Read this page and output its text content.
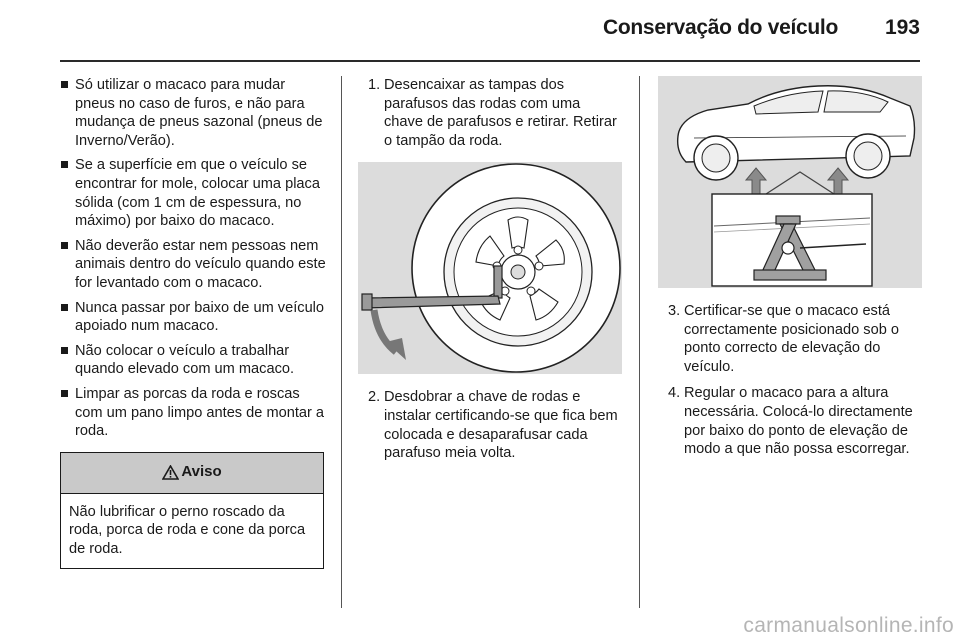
Conservação do veículo 193
Só utilizar o macaco para mudar pneus no caso de furos, e não para mudança de pneus sazonal (pneus de Inverno/Verão).
Se a superfície em que o veículo se encontrar for mole, colocar uma placa sólida (com 1 cm de espessura, no máximo) por baixo do macaco.
Não deverão estar nem pessoas nem animais dentro do veículo quando este for levantado com o macaco.
Nunca passar por baixo de um veículo apoiado num macaco.
Não colocar o veículo a trabalhar quando elevado com um macaco.
Limpar as porcas da roda e roscas com um pano limpo antes de montar a roda.
Aviso
Não lubrificar o perno roscado da roda, porca de roda e cone da porca de roda.

1. Desencaixar as tampas dos parafusos das rodas com uma chave de parafusos e retirar. Retirar o tampão da roda.

2. Desdobrar a chave de rodas e instalar certificando-se que fica bem colocada e desaparafusar cada parafuso meia volta.

3. Certificar-se que o macaco está correctamente posicionado sob o ponto correcto de elevação do veículo.

4. Regular o macaco para a altura necessária. Colocá-lo directamente por baixo do ponto de elevação de modo a que não possa escorregar.

carmanualsonline.info
